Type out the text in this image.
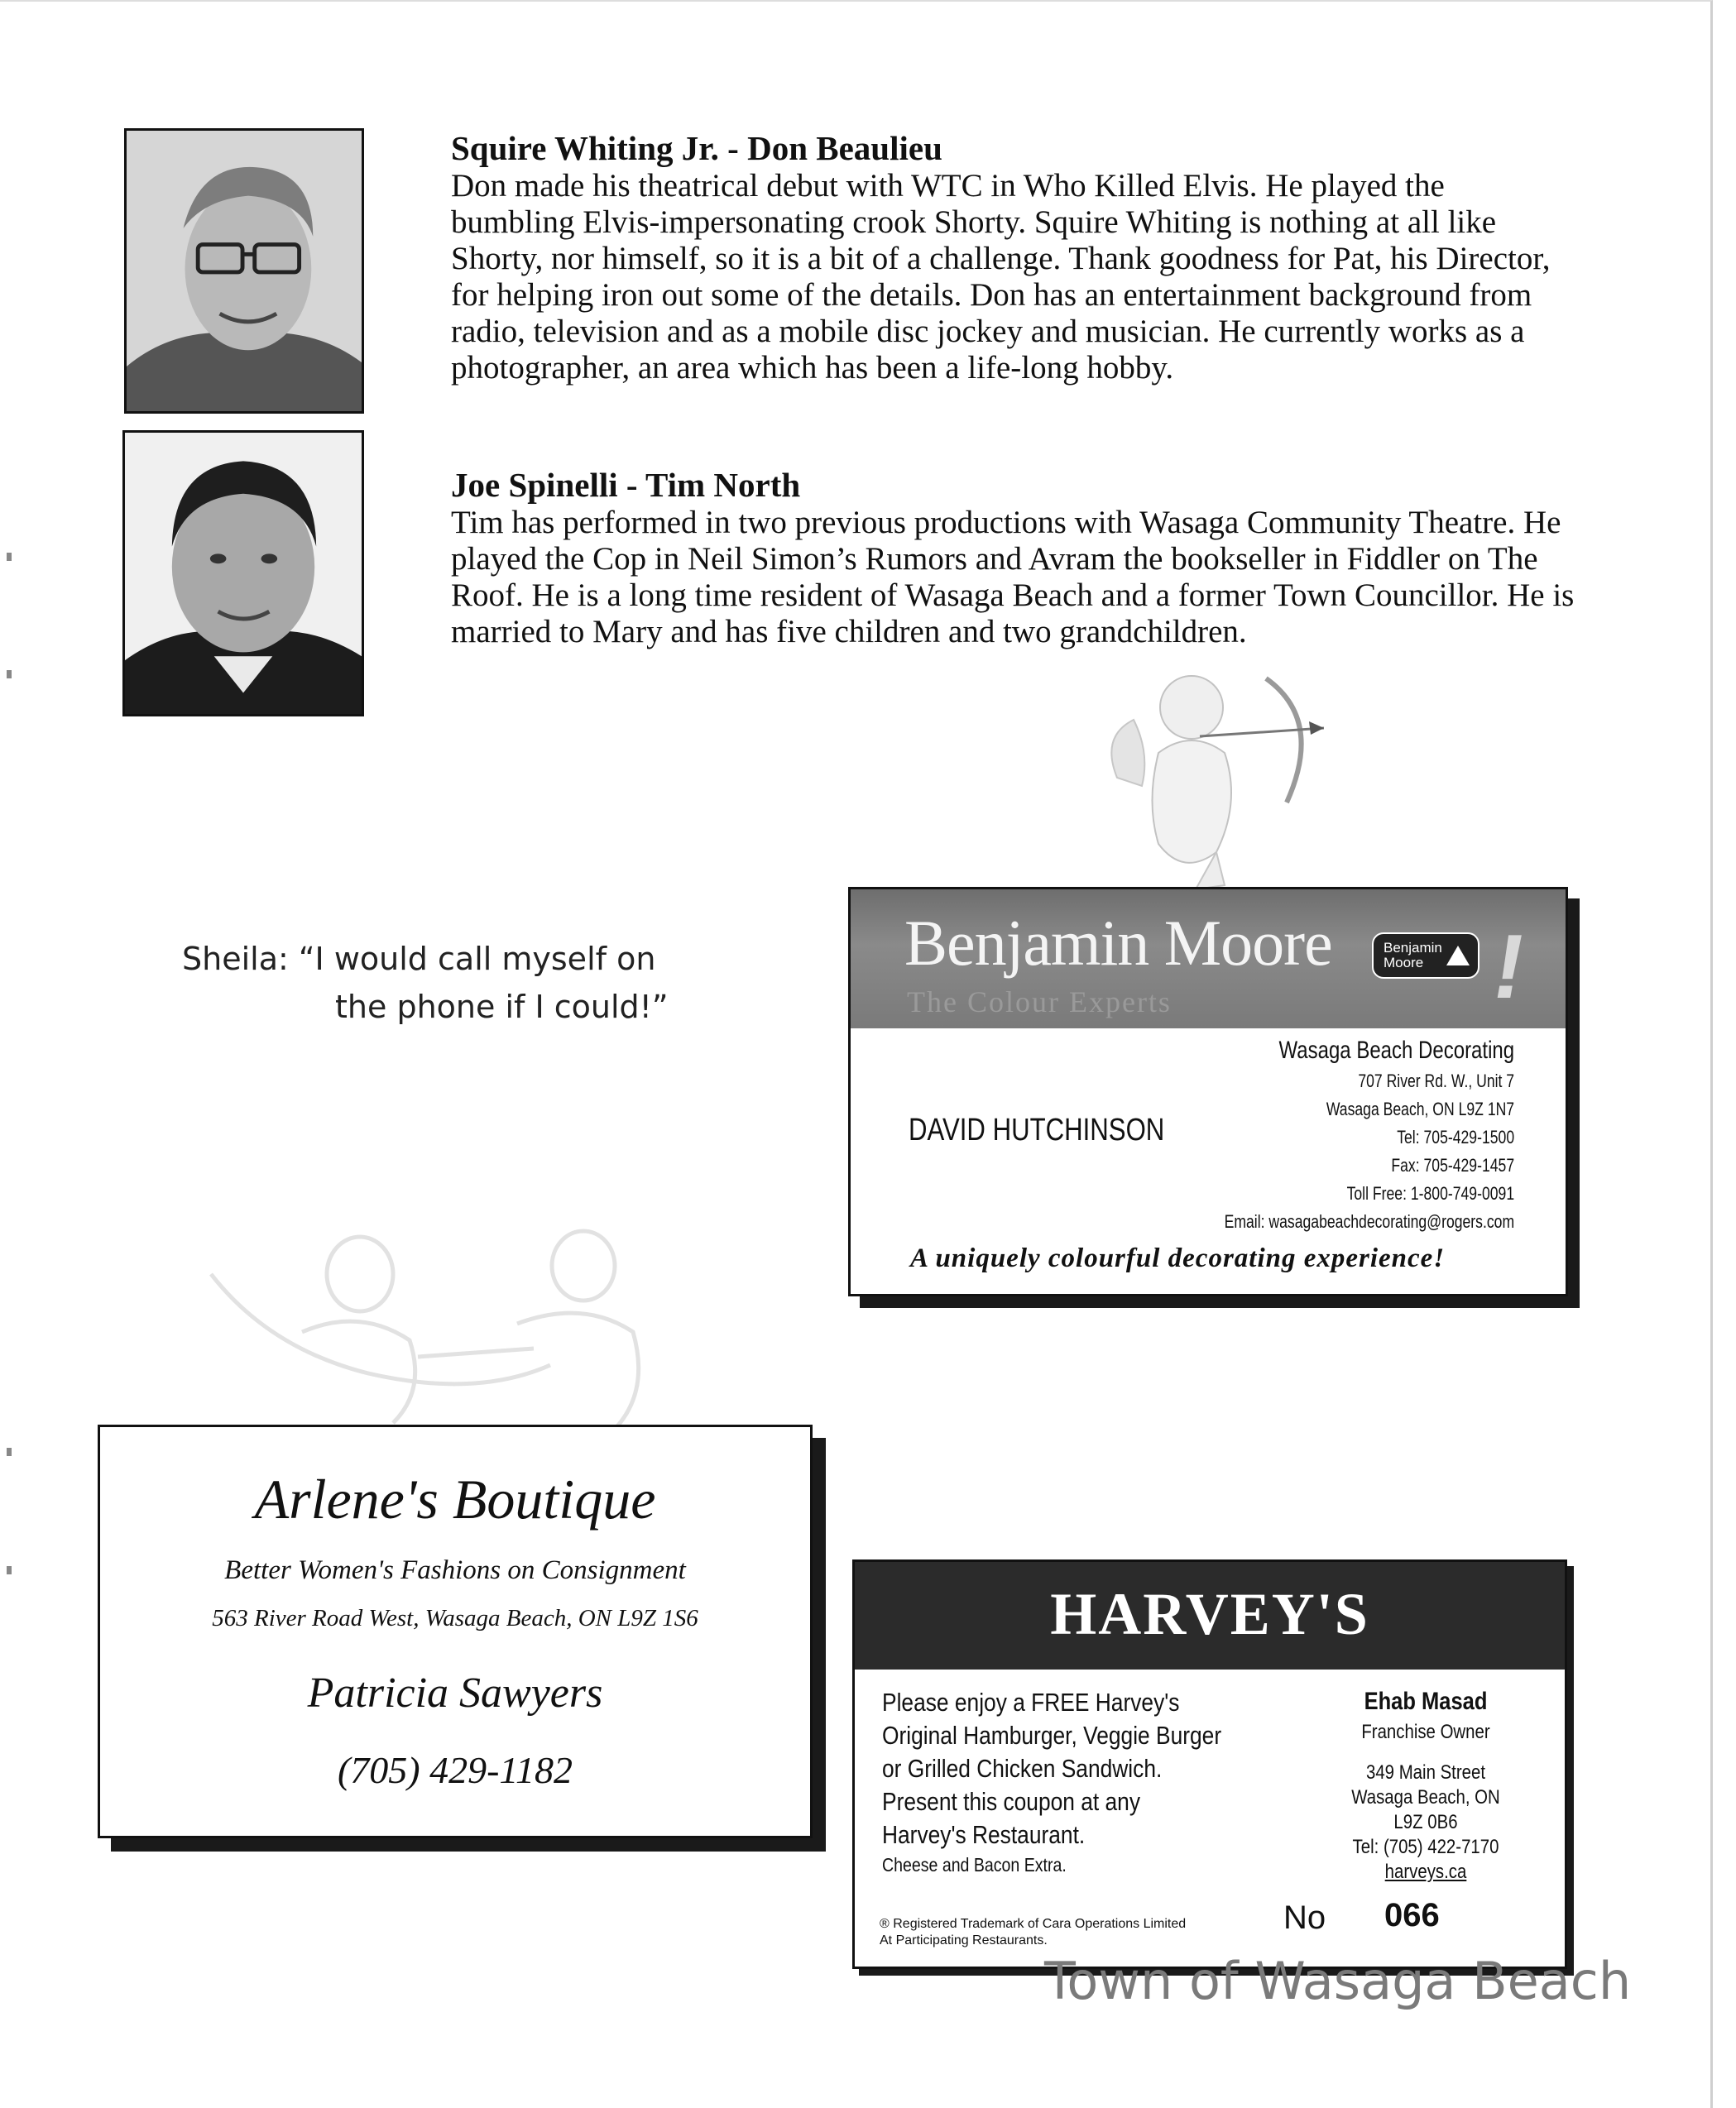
Squire Whiting Jr. - Don Beaulieu

Don made his theatrical debut with WTC in Who Killed Elvis. He played the bumbling Elvis-impersonating crook Shorty. Squire Whiting is nothing at all like Shorty, nor himself, so it is a bit of a challenge. Thank goodness for Pat, his Director, for helping iron out some of the details. Don has an entertainment background from radio, television and as a mobile disc jockey and musician. He currently works as a photographer, an area which has been a life-long hobby.

Joe Spinelli - Tim North

Tim has performed in two previous productions with Wasaga Community Theatre. He played the Cop in Neil Simon’s Rumors and Avram the bookseller in Fiddler on The Roof. He is a long time resident of Wasaga Beach and a former Town Councillor. He is married to Mary and has five children and two grandchildren.

Sheila: “I would call myself on
the phone if I could!”
Benjamin Moore
The Colour Experts
Benjamin
Moore !
DAVID HUTCHINSON
Wasaga Beach Decorating
707 River Rd. W., Unit 7
Wasaga Beach, ON L9Z 1N7
Tel: 705-429-1500
Fax: 705-429-1457
Toll Free: 1-800-749-0091
Email: wasagabeachdecorating@rogers.com
A uniquely colourful decorating experience!
Arlene's Boutique
Better Women's Fashions on Consignment
563 River Road West, Wasaga Beach, ON L9Z 1S6
Patricia Sawyers
(705) 429-1182
HARVEY'S
Please enjoy a FREE Harvey's
Original Hamburger, Veggie Burger
or Grilled Chicken Sandwich.
Present this coupon at any
Harvey's Restaurant.
Cheese and Bacon Extra.
Ehab Masad
Franchise Owner
349 Main Street
Wasaga Beach, ON
L9Z 0B6
Tel: (705) 422-7170
harveys.ca
® Registered Trademark of Cara Operations Limited
At Participating Restaurants.
No 066
Town of Wasaga Beach
